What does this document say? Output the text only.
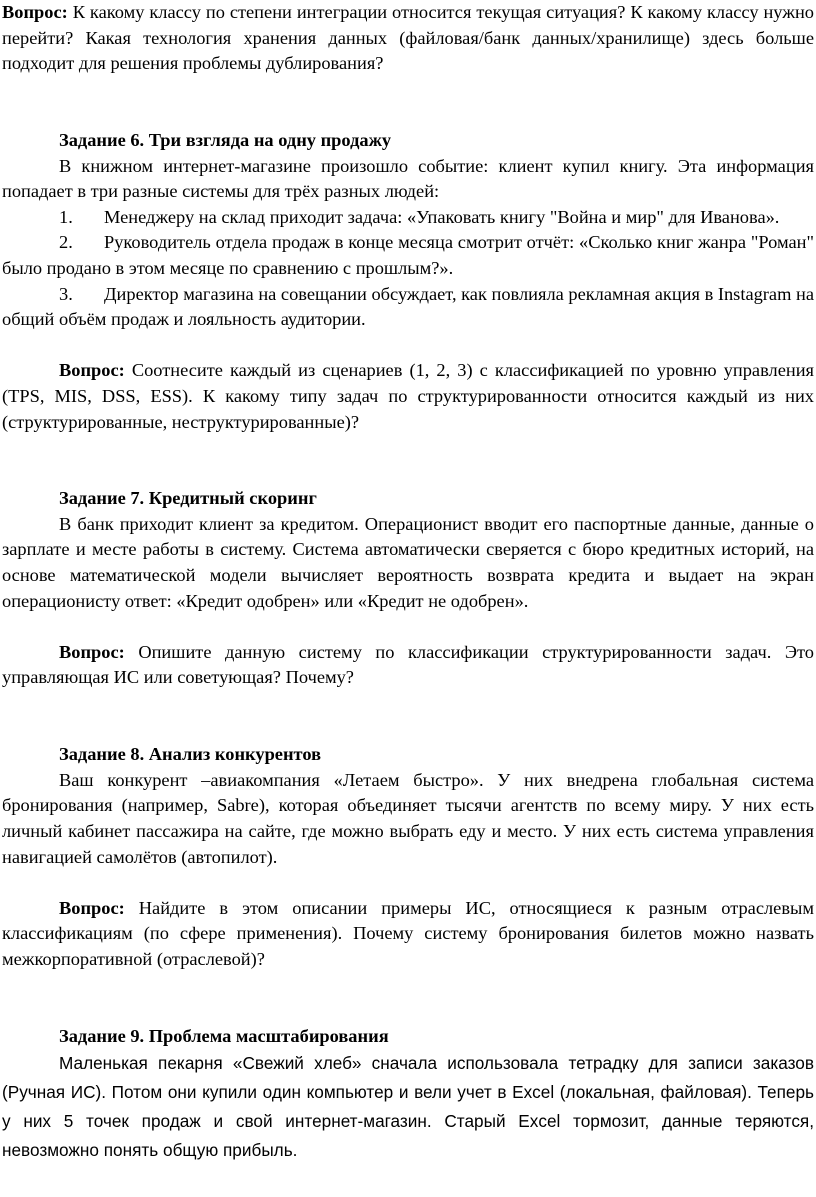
Вопрос: К какому классу по степени интеграции относится текущая ситуация? К какому классу нужно перейти? Какая технология хранения данных (файловая/банк данных/хранилище) здесь больше подходит для решения проблемы дублирования?

Задание 6. Три взгляда на одну продажу

В книжном интернет-магазине произошло событие: клиент купил книгу. Эта информация попадает в три разные системы для трёх разных людей:

1. Менеджеру на склад приходит задача: «Упаковать книгу "Война и мир" для Иванова».

2. Руководитель отдела продаж в конце месяца смотрит отчёт: «Сколько книг жанра "Роман" было продано в этом месяце по сравнению с прошлым?».

3. Директор магазина на совещании обсуждает, как повлияла рекламная акция в Instagram на общий объём продаж и лояльность аудитории.

Вопрос: Соотнесите каждый из сценариев (1, 2, 3) с классификацией по уровню управления (TPS, MIS, DSS, ESS). К какому типу задач по структурированности относится каждый из них (структурированные, неструктурированные)?

Задание 7. Кредитный скоринг

В банк приходит клиент за кредитом. Операционист вводит его паспортные данные, данные о зарплате и месте работы в систему. Система автоматически сверяется с бюро кредитных историй, на основе математической модели вычисляет вероятность возврата кредита и выдает на экран операционисту ответ: «Кредит одобрен» или «Кредит не одобрен».

Вопрос: Опишите данную систему по классификации структурированности задач. Это управляющая ИС или советующая? Почему?

Задание 8. Анализ конкурентов

Ваш конкурент –авиакомпания «Летаем быстро». У них внедрена глобальная система бронирования (например, Sabre), которая объединяет тысячи агентств по всему миру. У них есть личный кабинет пассажира на сайте, где можно выбрать еду и место. У них есть система управления навигацией самолётов (автопилот).

Вопрос: Найдите в этом описании примеры ИС, относящиеся к разным отраслевым классификациям (по сфере применения). Почему систему бронирования билетов можно назвать межкорпоративной (отраслевой)?

Задание 9. Проблема масштабирования

Маленькая пекарня «Свежий хлеб» сначала использовала тетрадку для записи заказов (Ручная ИС). Потом они купили один компьютер и вели учет в Excel (локальная, файловая). Теперь у них 5 точек продаж и свой интернет-магазин. Старый Excel тормозит, данные теряются, невозможно понять общую прибыль.
